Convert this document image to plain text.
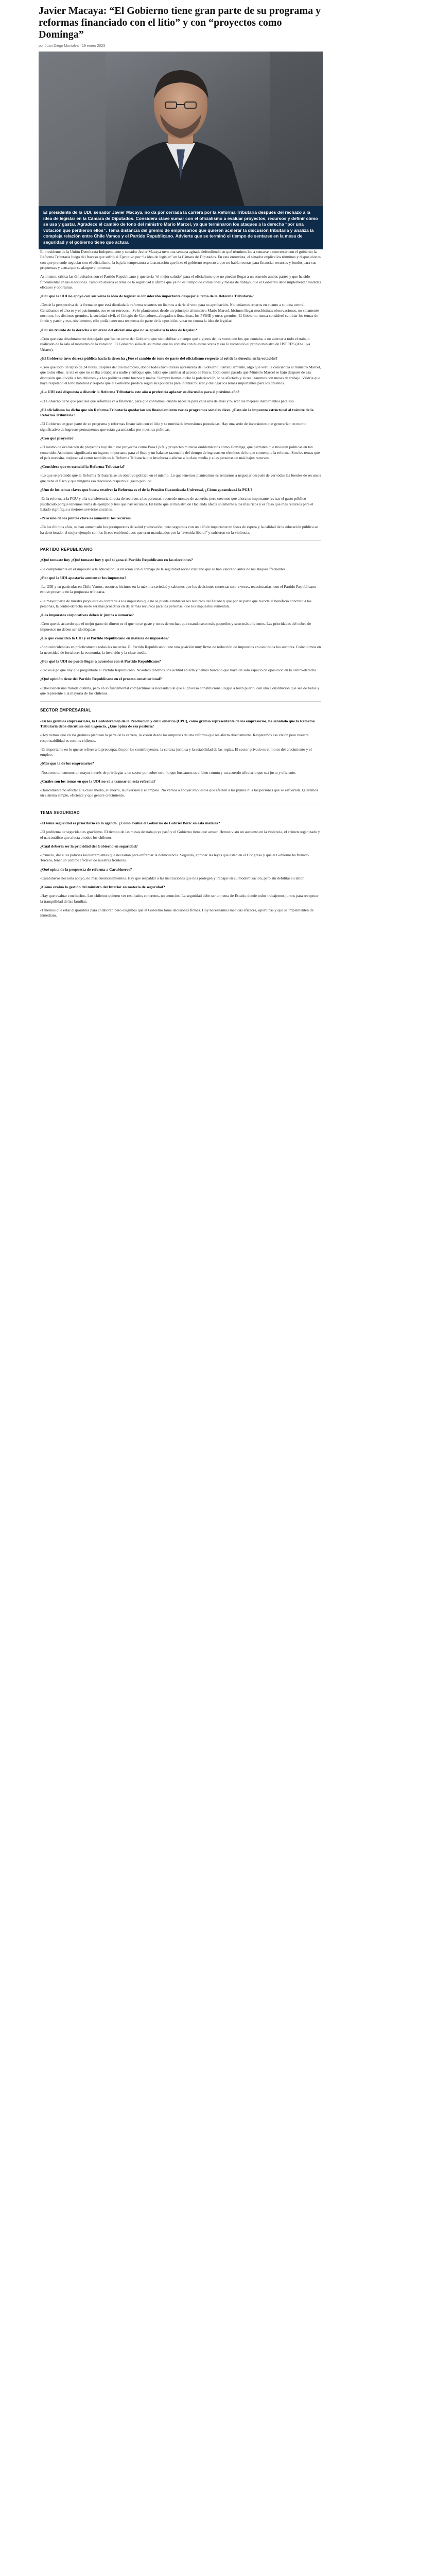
Javier Macaya: “El Gobierno tiene gran parte de su programa y reformas financiado con el litio” y con “proyectos como Dominga”
por Juan Diego Montalva · 19 enero 2023

El presidente de la UDI, senador Javier Macaya, no da por cerrada la carrera por la Reforma Tributaria después del rechazo a la idea de legislar en la Cámara de Diputados. Considera clave sumar con el oficialismo a evaluar proyectos, recursos y definir cómo se usa y gastar. Agradece el cambio de tono del ministro Mario Marcel, ya que terminaron los ataques a la derecha “por una votación que perdieron ellos”. Tema distancia del gremio de empresarios que quieren acelerar la discusión tributaria y analiza la compleja relación entre Chile Vamos y el Partido Republicano. Advierte que se terminó el tiempo de sentarse en la mesa de seguridad y el gobierno tiene que actuar.

El presidente de la Unión Demócrata Independiente y senador Javier Macaya tuvo una semana agitada defendiendo en qué términos iba a sentarse a conversar con el gobierno la Reforma Tributaria luego del fracaso que sufrió el Ejecutivo por “la idea de legislar” en la Cámara de Diputados. En esta entrevista, el senador explica los términos y disposiciones con que pretende negociar con el oficialismo, la baja la temperatura a la acusación que hizo el gobierno respecto a que no había recetas para financiar recursos y fondos para sus propuestas y acusa que se alargue el proceso.

Asimismo, critica las dificultades con el Partido Republicano y que sería “el mejor saludo” para el oficialismo que no puedan llegar a un acuerdo ambas partes y que ha sido fundamental en las elecciones. También aborda el tema de la seguridad y afirma que ya no es tiempo de comisiones y mesas de trabajo, que el Gobierno debe implementar medidas eficaces y oportunas.

¿Por qué la UDI no apoyó con sus votos la idea de legislar si consideraba importante despejar el tema de la Reforma Tributaria?

-Desde la perspectiva de la forma en que está diseñada la reforma nosotros no íbamos a darle el voto para su aprobación. No teníamos reparos en cuanto a su idea central. Cerrábamos el ahorro y el patrimonio, eso es un retroceso. Se le planteamos desde un principio al ministro Mario Marcel, hicimos llegar muchísimas observaciones, no solamente nosotros, los distintos gremios, la sociedad civil, el Colegio de Contadores, abogados tributaristas, los PYME y otros gremios. El Gobierno nunca consideró cambiar los temas de fondo y partir y eso, obviamente, ello podía tener una respuesta de parte de la oposición, votar en contra la idea de legislar.

¿Por un triunfo de la derecha o un error del oficialismo que no se aprobara la idea de legislar?

-Creo que está absolutamente despejado que fue un error del Gobierno que sin habilitar a tiempo qué algunos de los votos con los que contaba, a no acercar a todo el trabajo realizado de la sala al momento de la votación. El Gobierno salía de asumirse que no contaba con nuestros votos y eso lo reconoció el propio ministro de HSPRES (Ana Lya Uriarte).

¿El Gobierno tuvo dureza pública hacia la derecha ¿Fue el cambio de tono de parte del oficialismo respecto al rol de la derecha en la votación?

-Creo que todo un lapso de 24 horas, después del día miércoles, donde todos tuvo dureza apresurada del Gobierno. Particularmente, algo que vertí la conciencia al ministro Marcel, que todos ellos, la vía es que no se iba a trabajar a nadie y enfoque que, había que cambiar al acceso de Fisco. Todo como pasada que Ministro Marcel se bajó después de esa discusión que dividía a los chilenos y a los políticos entre buenos y malos. Siempre hemos dicho la polarización, lo se afectado y lo realizaremos con mesas de trabajo. Valdría que haya respetado el tono habitual y respeto que el Gobierno predica según sus políticas para intentar buscar y dialogar los temas importantes para los chilenos.

¿La UDI está dispuesta a discutir la Reforma Tributaria este año o preferiría aplazar su discusión para el próximo año?

-El Gobierno tiene que precisar qué reformas va a financiar, para qué cobrarnos, cuánto necesita para cada una de ellas y buscar los mejores instrumentos para eso.

¿El oficialismo ha dicho que sin Reforma Tributaria quedarían sin financiamiento varias programas sociales clave. ¿Esto sin la impronta estructural al trámite de la Reforma Tributaria?

-El Gobierno en gran parte de su programa y reformas financiado con el litio y se nutrirá de inversiones postuladas. Hay una serie de inversiones que generarían un monto significativo de ingresos permanentes que están garantizadas por nuestras políticas.

¿Con qué proyecto?

-El mismo de evaluación de proyectos hoy día tiene proyectos como Pasa Epifa y proyectos mineros emblemáticos como Dominga, que permiten que tuviesen políticas en tan contenido. Asimismo significaría un ingreso importante para el fisco y un balance razonable del tiempo de ingresos en términos de lo que contempla la reforma. Son los temas que el país necesita, mejorar así como también es la Reforma Tributaria que involucra a aferrar a la clase media y a las personas de más bajos recursos.

¿Considera que es esencial la Reforma Tributaria?

-Lo que se pretende que la Reforma Tributaria se un objetivo político en el mismo. Lo que tenemos plantearnos es sentarnos a negociar después de ver todas las fuentes de recursos que tiene el fisco y que ninguna esa discusión respecto al gasto público.

¿Uno de los temas claves que busca resolver la Reforma es el de la Pensión Garantizada Universal, ¿Cómo garantizará la PGU?

-Es la reforma a la PGU y a la transferencia directa de recursos a las personas, recuerde montos de acuerdo, pero creemos que ahora es importante revisar el gasto público justificado porque tenemos ítems de ejemplo y tres que hay recursos. En tanto que el ministro de Hacienda afecta solamente a los más ricos y es falso que más recursos para el Estado signifique a mejores servicios sociales.

-Pero uno de los puntos clave es aumentar los recursos.

-En los últimos años, se han aumentado los presupuestos de salud y educación, pero seguimos con un déficit importante en listas de espera y la calidad de la educación pública se ha deteriorado, el mejor ejemplo son los liceos emblemáticos que eran mandatados por la “avenida liberal” y sufrieron en la violencia.

PARTIDO REPUBLICANO

¿Qué tomaste hoy ¿Qué tomaste hoy y qué si gana el Partido Republicano en las elecciones?

-Se complementa en el impuesto a la educación, la relación con el trabajo de la seguridad social cristiano que se han valorado antes de los ataques frecuentes.

¿Por qué la UDI apostaría aumentar los impuestos?

-La UDI y en particular en Chile Vamos, nosotros hicimos en la máxima seriedad y sabemos que los decisiones correctas son, a veces, reaccionarias, con el Partido Republicano estuvo presente en la propuesta tributaria.

-La mayor parte de nuestra propuesta es contraria a los impuestos que no se puede establecer los recursos del Estado y que por su parte que recorta el beneficio concreto a las personas, la centro-derecha suele ser más proactiva en dejar más recursos para las personas, que los impuestos aumentan.

¿Los impuestos corporativos deben ir juntos o sumarse?

-Creo que de acuerdo que el mejor gasto de dinero es el que no se gaste y no es derrochar, que cuando sean más pequeños y sean más eficientes. Las prioridades del cobro de impuestos no deben ser ideológicas.

¿En qué coinciden la UDI y el Partido Republicano en materia de impuestos?

-Son coincidencias en prácticamente todas las materias. El Partido Republicano tiene una posición muy firme de reducción de impuestos en casi todos los sectores. Coincidimos en la necesidad de fortalecer la economía, la inversión y la clase media.

¿Por qué la UDI no puede llegar a acuerdos con el Partido Republicano?

-Eso es algo que hay que preguntarle al Partido Republicano. Nosotros tenemos una actitud abierta y hemos buscado que haya un solo espacio de oposición en la centro-derecha.

¿Qué opinión tiene del Partido Republicano en el proceso constitucional?

-Ellos tienen una mirada distinta, pero en lo fundamental compartimos la necesidad de que el proceso constitucional llegue a buen puerto, con una Constitución que sea de todos y que represente a la mayoría de los chilenos.

SECTOR EMPRESARIAL

-En los gremios empresariales, la Confederación de la Producción y del Comercio (CPC), como gremio representante de los empresarios, ha señalado que la Reforma Tributaria debe discutirse con urgencia. ¿Qué opina de esa postura?

-Hoy vemos que en los gremios plantean la parte de la carrera, la visión desde las empresas de una reforma que les afecta directamente. Respetamos esa visión pero nuestra responsabilidad es con los chilenos.

-Es importante en lo que se refiere a la preocupación por los contribuyentes, la certeza jurídica y la estabilidad de las reglas. El sector privado es el motor del crecimiento y el empleo.

¿Más que la de los empresarios?

-Nosotros no tenemos un mayor interés de privilegiar a un sector por sobre otro, lo que buscamos es el bien común y un acuerdo tributario que sea justo y eficiente.

¿Cuáles son los temas en que la UDI no va a transar en esta reforma?

-Básicamente no afectar a la clase media, el ahorro, la inversión y el empleo. No vamos a apoyar impuestos que afecten a las pymes ni a las personas que se esfuerzan. Queremos un sistema simple, eficiente y que genere crecimiento.

TEMA SEGURIDAD

-El tema seguridad es prioritario en la agenda. ¿Cómo evalúa el Gobierno de Gabriel Boric en esta materia?

-El problema de seguridad es gravísimo. El tiempo de las mesas de trabajo ya pasó y el Gobierno tiene que actuar. Hemos visto un aumento en la violencia, el crimen organizado y el narcotráfico que afecta a todos los chilenos.

¿Cuál debería ser la prioridad del Gobierno en seguridad?

-Primero, dar a las policías las herramientas que necesitan para enfrentar la delincuencia. Segundo, aprobar las leyes que están en el Congreso y que el Gobierno ha frenado. Tercero, tener un control efectivo de nuestras fronteras.

¿Qué opina de la propuesta de reforma a Carabineros?

-Carabineros necesita apoyo, no más cuestionamientos. Hay que respaldar a las instituciones que nos protegen y trabajar en su modernización, pero sin debilitar su labor.

¿Cómo evalúa la gestión del ministro del Interior en materia de seguridad?

-Hay que evaluar con hechos. Los chilenos quieren ver resultados concretos, no anuncios. La seguridad debe ser un tema de Estado, donde todos trabajemos juntos para recuperar la tranquilidad de las familias.

-Tenemos que estar disponibles para colaborar, pero exigimos que el Gobierno tome decisiones firmes. Hoy necesitamos medidas eficaces, oportunas y que se implementen de inmediato.
